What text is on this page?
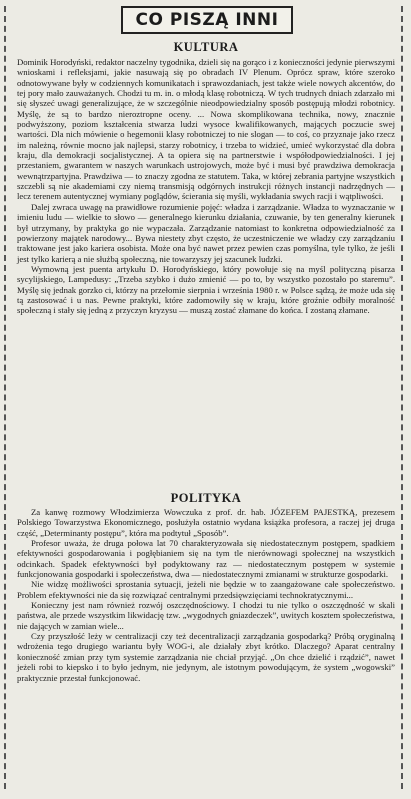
CO PISZĄ INNI
KULTURA

Dominik Horodyński, redaktor naczelny tygodnika, dzieli się na gorąco i z konieczności jedynie pierwszymi wnioskami i refleksjami, jakie nasuwają się po obradach IV Plenum. Oprócz spraw, które szeroko odnotowywane były w codziennych komunikatach i sprawozdaniach, jest także wiele nowych akcentów, do tej pory mało zauważanych. Chodzi tu m. in. o młodą klasę robotniczą. W tych trudnych dniach zdarzało mi się słyszeć uwagi generalizujące, że w szczególnie nieodpowiedzialny sposób postępują młodzi robotnicy. Myślę, że są to bardzo nieroztropne oceny. ... Nowa skomplikowana technika, nowy, znacznie podwyższony, poziom kształcenia stwarza ludzi wysoce kwalifikowanych, mających poczucie swej wartości. Dla nich mówienie o hegemonii klasy robotniczej to nie slogan — to coś, co przyznaje jako rzecz im należną, równie mocno jak najlepsi, starzy robotnicy, i trzeba to widzieć, umieć wykorzystać dla dobra kraju, dla demokracji socjalistycznej. A ta opiera się na partnerstwie i współodpowiedzialności. I jej przestaniem, gwarantem w naszych warunkach ustrojowych, może być i musi być prawdziwa demokracja wewnątrzpartyjna. Prawdziwa — to znaczy zgodna ze statutem. Taka, w której zebrania partyjne wszystkich szczebli są nie akademiami czy niemą transmisją odgórnych instrukcji różnych instancji nadrzędnych — lecz terenem autentycznej wymiany poglądów, ścierania się myśli, wykładania swych racji i wątpliwości.

Dalej zwraca uwagę na prawidłowe rozumienie pojęć: władza i zarządzanie. Władza to wyznaczanie w imieniu ludu — wielkie to słowo — generalnego kierunku działania, czuwanie, by ten generalny kierunek był utrzymany, by praktyka go nie wypaczała. Zarządzanie natomiast to konkretna odpowiedzialność za powierzony majątek narodowy... Bywa niestety zbyt często, że uczestniczenie we władzy czy zarządzaniu traktowane jest jako kariera osobista. Może ona być nawet przez pewien czas pomyślna, tyle tylko, że jeśli jest tylko karierą a nie służbą społeczną, nie towarzyszy jej szacunek ludzki.

Wymowną jest puenta artykułu D. Horodyńskiego, który powołuje się na myśl polityczną pisarza sycylijskiego, Lampedusy: „Trzeba szybko i dużo zmienić — po to, by wszystko pozostało po staremu”. Myślę się jednak gorzko ci, którzy na przełomie sierpnia i września 1980 r. w Polsce sądzą, że może uda się tą zastosować i u nas. Pewne praktyki, które zadomowiły się w kraju, które groźnie odbiły moralność społeczną i stały się jedną z przyczyn kryzysu — muszą zostać złamane do końca. I zostaną złamane.

POLITYKA

Za kanwę rozmowy Włodzimierza Wowczuka z prof. dr. hab. JÓZEFEM PAJESTKĄ, prezesem Polskiego Towarzystwa Ekonomicznego, posłużyła ostatnio wydana książka profesora, a raczej jej druga część, „Determinanty postępu”, która ma podtytuł „Sposób”.

Profesor uważa, że druga połowa lat 70 charakteryzowała się niedostatecznym postępem, spadkiem efektywności gospodarowania i pogłębianiem się na tym tle nierównowagi społecznej na wszystkich odcinkach. Spadek efektywności był podyktowany raz — niedostatecznym postępem w systemie funkcjonowania gospodarki i społeczeństwa, dwa — niedostatecznymi zmianami w strukturze gospodarki.

Nie widzę możliwości sprostania sytuacji, jeżeli nie będzie w to zaangażowane całe społeczeństwo. Problem efektywności nie da się rozwiązać centralnymi przedsięwzięciami technokratycznymi...

Konieczny jest nam również rozwój oszczędnościowy. I chodzi tu nie tylko o oszczędność w skali państwa, ale przede wszystkim likwidację tzw. „wygodnych gniazdeczek”, uwitych kosztem społeczeństwa, nie dających w zamian wiele...

Czy przyszłość leży w centralizacji czy też decentralizacji zarządzania gospodarką? Próbą oryginalną wdrożenia tego drugiego wariantu były WOG-i, ale działały zbyt krótko. Dlaczego? Aparat centralny konieczność zmian przy tym systemie zarządzania nie chciał przyjąć. „On chce dzielić i rządzić”, nawet jeżeli robi to kiepsko i to było jednym, nie jedynym, ale istotnym powodującym, że system „wogowski” praktycznie przestał funkcjonować.
